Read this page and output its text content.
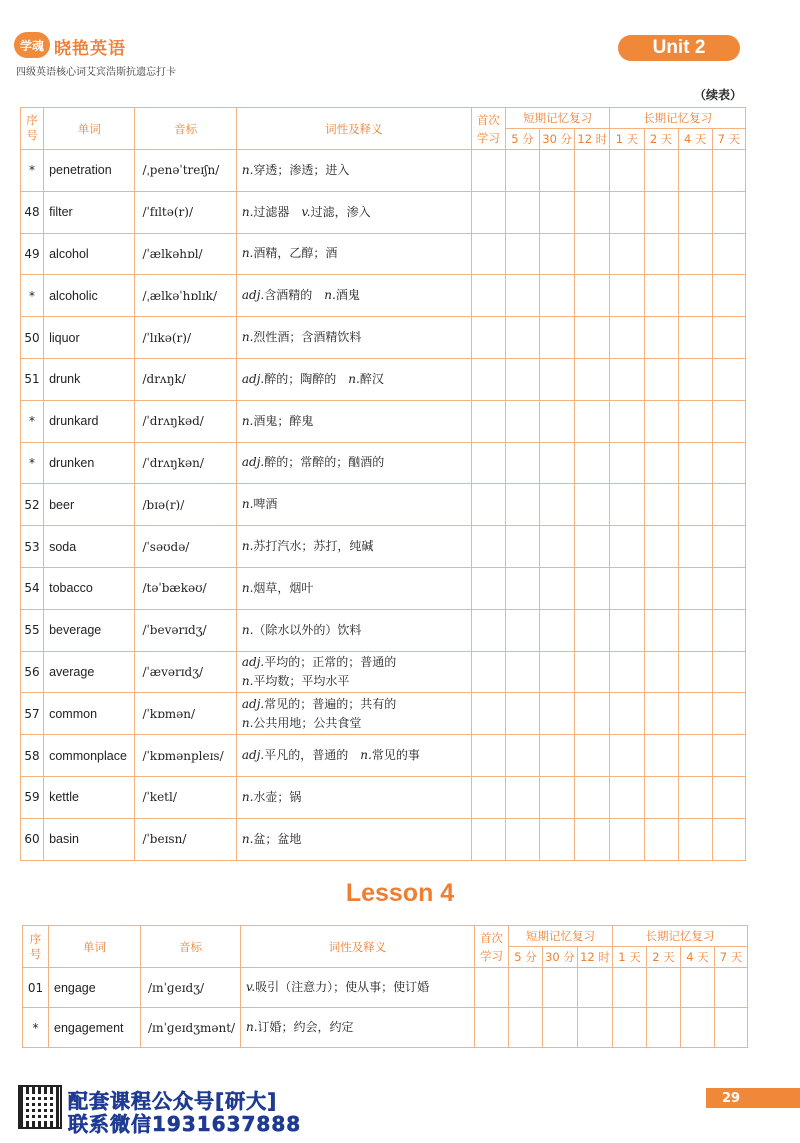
学魂 晓艳英语
四级英语核心词艾宾浩斯抗遗忘打卡
Unit 2
（续表）
序号	单词	音标	词性及释义	首次学习	短期记忆复习			长期记忆复习			
					5 分	30 分	12 时	1 天	2 天	4 天	7 天
*	penetration	/ˌpenəˈtreɪʃn/	n.穿透；渗透；进入								
48	filter	/ˈfɪltə(r)/	n.过滤器　v.过滤，渗入								
49	alcohol	/ˈælkəhɒl/	n.酒精，乙醇；酒								
*	alcoholic	/ˌælkəˈhɒlɪk/	adj.含酒精的　n.酒鬼								
50	liquor	/ˈlɪkə(r)/	n.烈性酒；含酒精饮料								
51	drunk	/drʌŋk/	adj.醉的；陶醉的　n.醉汉								
*	drunkard	/ˈdrʌŋkəd/	n.酒鬼；醉鬼								
*	drunken	/ˈdrʌŋkən/	adj.醉的；常醉的；酗酒的								
52	beer	/bɪə(r)/	n.啤酒								
53	soda	/ˈsəʊdə/	n.苏打汽水；苏打，纯碱								
54	tobacco	/təˈbækəʊ/	n.烟草，烟叶								
55	beverage	/ˈbevərɪdʒ/	n.（除水以外的）饮料								
56	average	/ˈævərɪdʒ/	adj.平均的；正常的；普通的
n.平均数；平均水平								
57	common	/ˈkɒmən/	adj.常见的；普遍的；共有的
n.公共用地；公共食堂								
58	commonplace	/ˈkɒmənpleɪs/	adj.平凡的，普通的　n.常见的事								
59	kettle	/ˈketl/	n.水壶；锅								
60	basin	/ˈbeɪsn/	n.盆；盆地								
Lesson 4
序号	单词	音标	词性及释义	首次学习	短期记忆复习			长期记忆复习			
					5 分	30 分	12 时	1 天	2 天	4 天	7 天
01	engage	/ɪnˈɡeɪdʒ/	v.吸引（注意力）；使从事；使订婚								
*	engagement	/ɪnˈɡeɪdʒmənt/	n.订婚；约会，约定								
配套课程公众号[研大]
联系微信1931637888
29
